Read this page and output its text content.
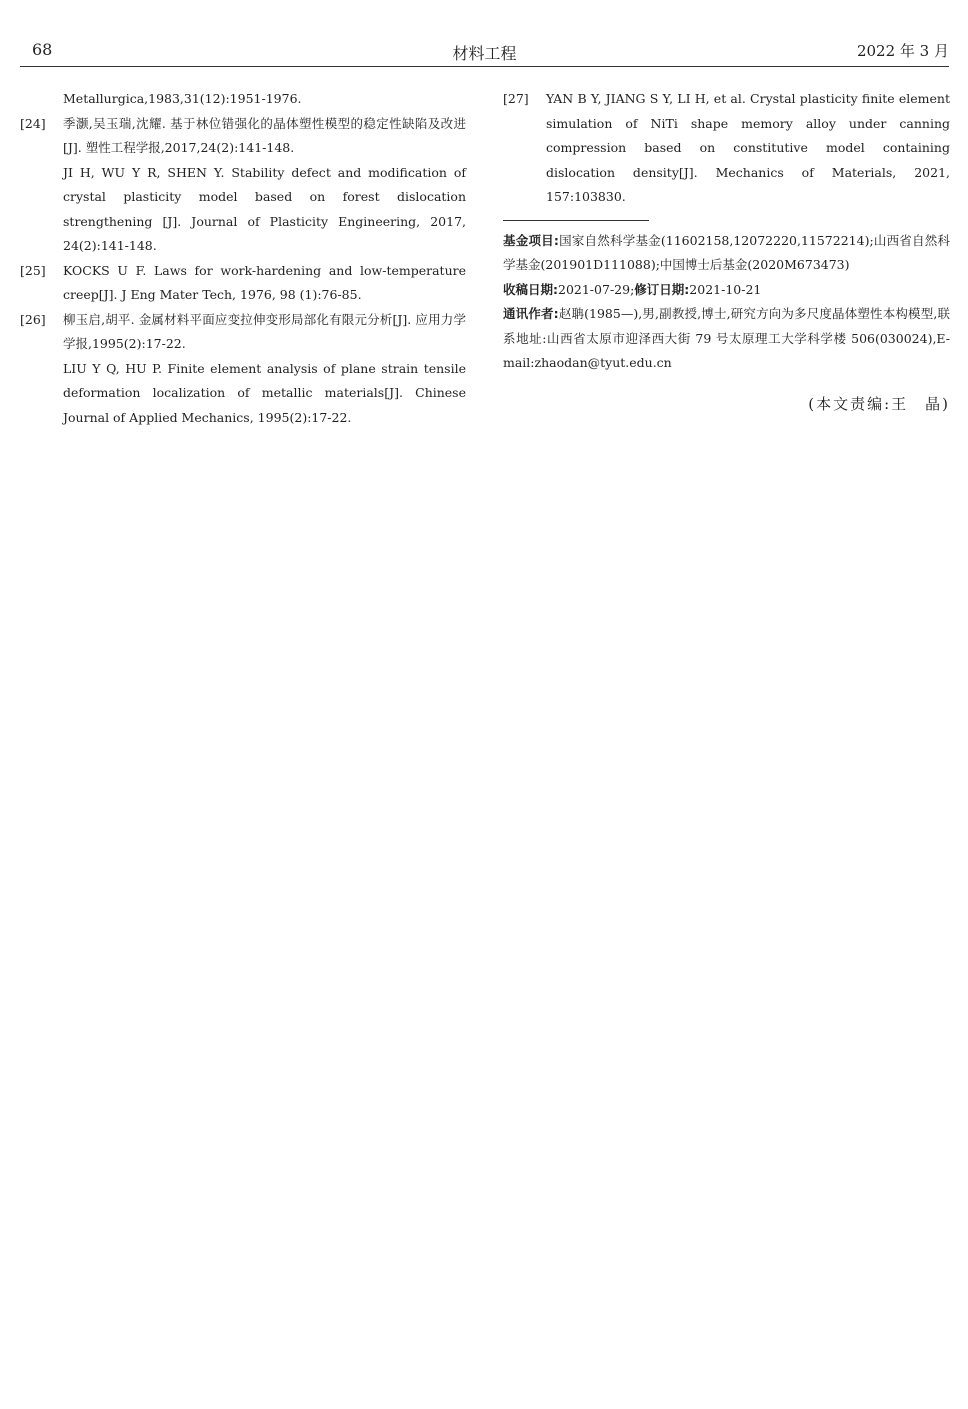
68	材料工程	2022 年 3 月
Metallurgica,1983,31(12):1951-1976.
[24] 季灏,吴玉瑞,沈耀. 基于林位错强化的晶体塑性模型的稳定性缺陷及改进[J]. 塑性工程学报,2017,24(2):141-148.

JI H, WU Y R, SHEN Y. Stability defect and modification of crystal plasticity model based on forest dislocation strengthening [J]. Journal of Plasticity Engineering, 2017, 24(2):141-148.

[25] KOCKS U F. Laws for work-hardening and low-temperature creep[J]. J Eng Mater Tech, 1976, 98 (1):76-85.

[26] 柳玉启,胡平. 金属材料平面应变拉伸变形局部化有限元分析[J]. 应用力学学报,1995(2):17-22.

LIU Y Q, HU P. Finite element analysis of plane strain tensile deformation localization of metallic materials[J]. Chinese Journal of Applied Mechanics, 1995(2):17-22.

[27] YAN B Y, JIANG S Y, LI H, et al. Crystal plasticity finite element simulation of NiTi shape memory alloy under canning compression based on constitutive model containing dislocation density[J]. Mechanics of Materials, 2021, 157:103830.

基金项目:国家自然科学基金(11602158,12072220,11572214);山西省自然科学基金(201901D111088);中国博士后基金(2020M673473)

收稿日期:2021-07-29;修订日期:2021-10-21

通讯作者:赵聃(1985—),男,副教授,博士,研究方向为多尺度晶体塑性本构模型,联系地址:山西省太原市迎泽西大街 79 号太原理工大学科学楼 506(030024),E-mail:zhaodan@tyut.edu.cn

(本文责编:王　晶)
